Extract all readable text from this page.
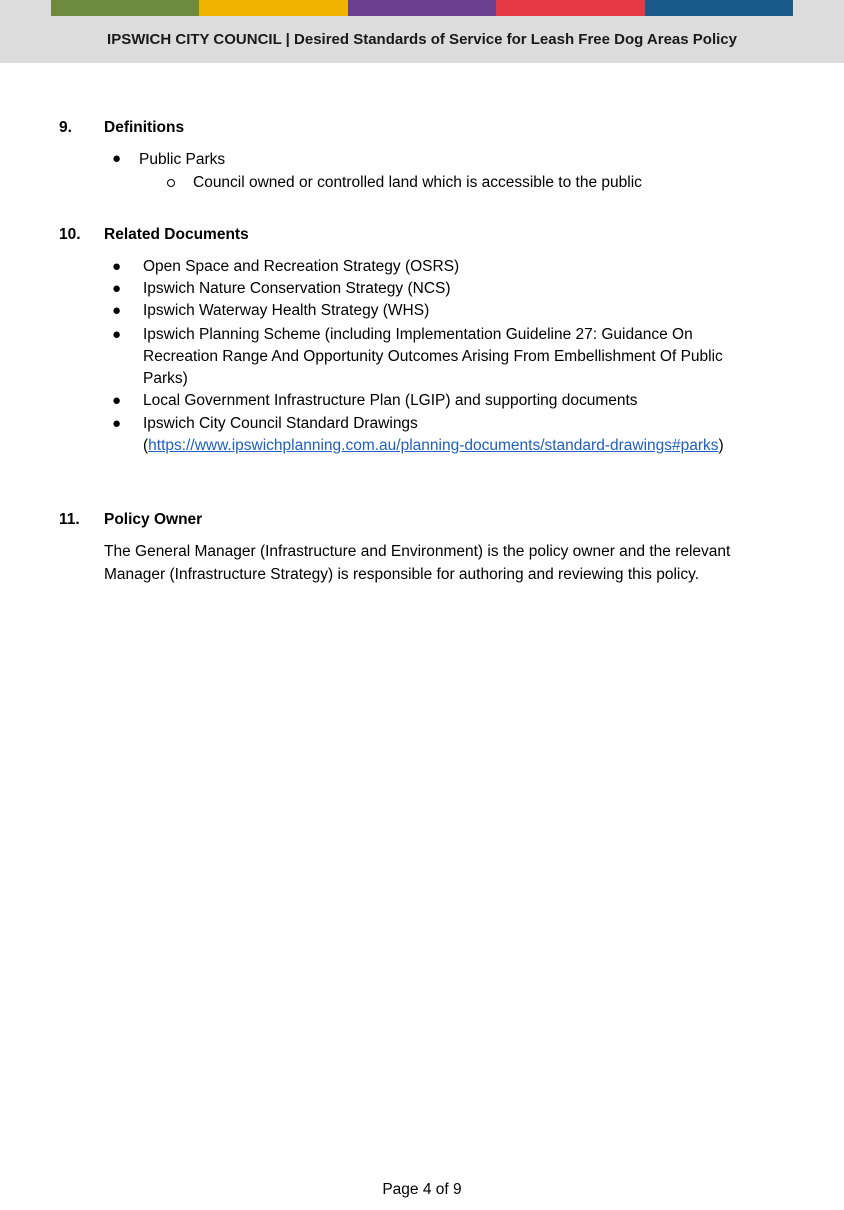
IPSWICH CITY COUNCIL | Desired Standards of Service for Leash Free Dog Areas Policy
9. Definitions
● Public Parks
Council owned or controlled land which is accessible to the public
10. Related Documents
● Open Space and Recreation Strategy (OSRS)
● Ipswich Nature Conservation Strategy (NCS)
● Ipswich Waterway Health Strategy (WHS)
● Ipswich Planning Scheme (including Implementation Guideline 27: Guidance On
Recreation Range And Opportunity Outcomes Arising From Embellishment Of Public
Parks)
● Local Government Infrastructure Plan (LGIP) and supporting documents
● Ipswich City Council Standard Drawings
(https://www.ipswichplanning.com.au/planning-documents/standard-drawings#parks)
11. Policy Owner
The General Manager (Infrastructure and Environment) is the policy owner and the relevant
Manager (Infrastructure Strategy) is responsible for authoring and reviewing this policy.
Page 4 of 9
